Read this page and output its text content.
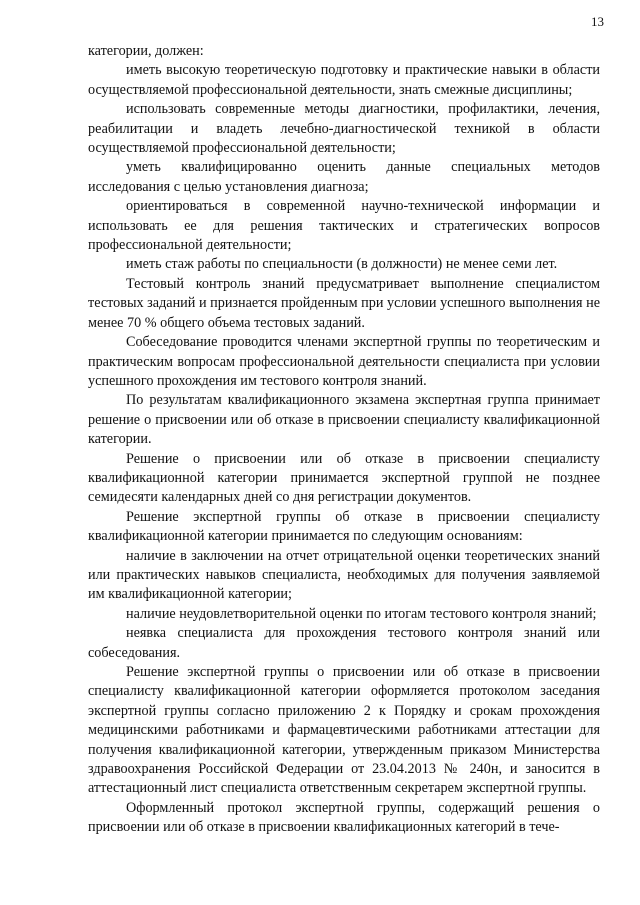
13

категории, должен:

иметь высокую теоретическую подготовку и практические навыки в области осуществляемой профессиональной деятельности, знать смежные дисциплины;

использовать современные методы диагностики, профилактики, лечения, реабилитации и владеть лечебно-диагностической техникой в области осуществляемой профессиональной деятельности;

уметь квалифицированно оценить данные специальных методов исследования с целью установления диагноза;

ориентироваться в современной научно-технической информации и использовать ее для решения тактических и стратегических вопросов профессиональной деятельности;

иметь стаж работы по специальности (в должности) не менее семи лет.

Тестовый контроль знаний предусматривает выполнение специалистом тестовых заданий и признается пройденным при условии успешного выполнения не менее 70 % общего объема тестовых заданий.

Собеседование проводится членами экспертной группы по теоретическим и практическим вопросам профессиональной деятельности специалиста при условии успешного прохождения им тестового контроля знаний.

По результатам квалификационного экзамена экспертная группа принимает решение о присвоении или об отказе в присвоении специалисту квалификационной категории.

Решение о присвоении или об отказе в присвоении специалисту квалификационной категории принимается экспертной группой не позднее семидесяти календарных дней со дня регистрации документов.

Решение экспертной группы об отказе в присвоении специалисту квалификационной категории принимается по следующим основаниям:

наличие в заключении на отчет отрицательной оценки теоретических знаний или практических навыков специалиста, необходимых для получения заявляемой им квалификационной категории;

наличие неудовлетворительной оценки по итогам тестового контроля знаний;

неявка специалиста для прохождения тестового контроля знаний или собеседования.

Решение экспертной группы о присвоении или об отказе в присвоении специалисту квалификационной категории оформляется протоколом заседания экспертной группы согласно приложению 2 к Порядку и срокам прохождения медицинскими работниками и фармацевтическими работниками аттестации для получения квалификационной категории, утвержденным приказом Министерства здравоохранения Российской Федерации от 23.04.2013 № 240н, и заносится в аттестационный лист специалиста ответственным секретарем экспертной группы.

Оформленный протокол экспертной группы, содержащий решения о присвоении или об отказе в присвоении квалификационных категорий в тече-
